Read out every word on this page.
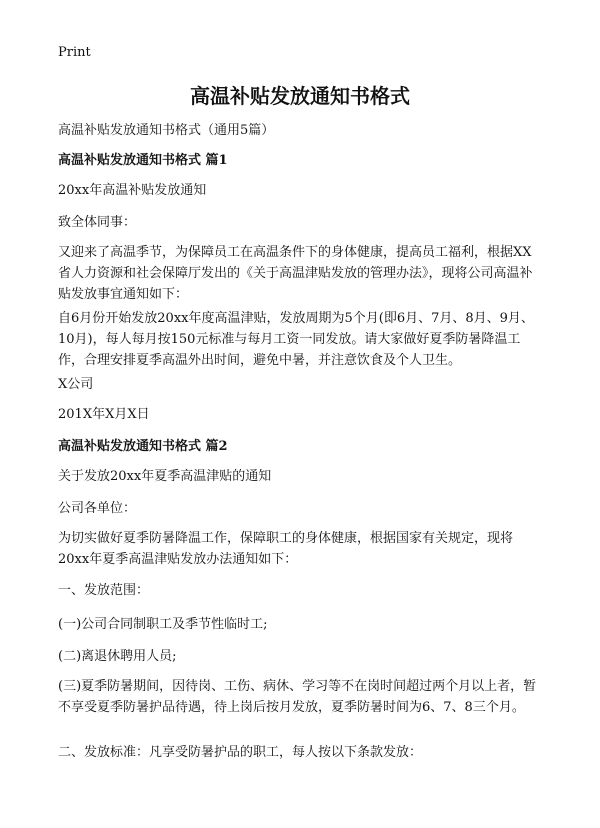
Print
高温补贴发放通知书格式
高温补贴发放通知书格式（通用5篇）
高温补贴发放通知书格式 篇1
20xx年高温补贴发放通知
致全体同事：
又迎来了高温季节，为保障员工在高温条件下的身体健康，提高员工福利，根据XX省人力资源和社会保障厅发出的《关于高温津贴发放的管理办法》，现将公司高温补贴发放事宜通知如下：
自6月份开始发放20xx年度高温津贴，发放周期为5个月(即6月、7月、8月、9月、10月)，每人每月按150元标准与每月工资一同发放。请大家做好夏季防暑降温工作，合理安排夏季高温外出时间，避免中暑，并注意饮食及个人卫生。
X公司
201X年X月X日
高温补贴发放通知书格式 篇2
关于发放20xx年夏季高温津贴的通知
公司各单位：
为切实做好夏季防暑降温工作，保障职工的身体健康，根据国家有关规定，现将20xx年夏季高温津贴发放办法通知如下：
一、发放范围：
(一)公司合同制职工及季节性临时工;
(二)离退休聘用人员;
(三)夏季防暑期间，因待岗、工伤、病休、学习等不在岗时间超过两个月以上者，暂不享受夏季防暑护品待遇，待上岗后按月发放，夏季防暑时间为6、7、8三个月。
二、发放标准：凡享受防暑护品的职工，每人按以下条款发放：
